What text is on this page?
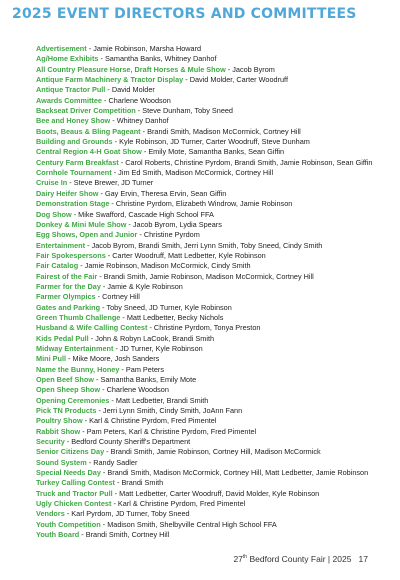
2025 EVENT DIRECTORS AND COMMITTEES
Advertisement - Jamie Robinson, Marsha Howard
Ag/Home Exhibits - Samantha Banks, Whitney Danhof
All Country Pleasure Horse, Draft Horses & Mule Show - Jacob Byrom
Antique Farm Machinery & Tractor Display - David Molder, Carter Woodruff
Antique Tractor Pull - David Molder
Awards Committee - Charlene Woodson
Backseat Driver Competition - Steve Dunham, Toby Sneed
Bee and Honey Show - Whitney Danhof
Boots, Beaus & Bling Pageant - Brandi Smith, Madison McCormick, Cortney Hill
Building and Grounds - Kyle Robinson, JD Turner, Carter Woodruff, Steve Dunham
Central Region 4-H Goat Show - Emily Mote, Samantha Banks, Sean Giffin
Century Farm Breakfast - Carol Roberts, Christine Pyrdom, Brandi Smith, Jamie Robinson, Sean Giffin
Cornhole Tournament - Jim Ed Smith, Madison McCormick, Cortney Hill
Cruise In - Steve Brewer, JD Turner
Dairy Heifer Show - Gay Ervin, Theresa Ervin, Sean Giffin
Demonstration Stage - Christine Pyrdom, Elizabeth Windrow, Jamie Robinson
Dog Show - Mike Swafford, Cascade High School FFA
Donkey & Mini Mule Show - Jacob Byrom, Lydia Spears
Egg Shows, Open and Junior - Christine Pyrdom
Entertainment - Jacob Byrom, Brandi Smith, Jerri Lynn Smith, Toby Sneed, Cindy Smith
Fair Spokespersons - Carter Woodruff, Matt Ledbetter, Kyle Robinson
Fair Catalog - Jamie Robinson, Madison McCormick, Cindy Smith
Fairest of the Fair - Brandi Smith, Jamie Robinson, Madison McCormick, Cortney Hill
Farmer for the Day - Jamie & Kyle Robinson
Farmer Olympics - Cortney Hill
Gates and Parking - Toby Sneed, JD Turner, Kyle Robinson
Green Thumb Challenge - Matt Ledbetter, Becky Nichols
Husband & Wife Calling Contest - Christine Pyrdom, Tonya Preston
Kids Pedal Pull - John & Robyn LaCook, Brandi Smith
Midway Entertainment - JD Turner, Kyle Robinson
Mini Pull - Mike Moore, Josh Sanders
Name the Bunny, Honey - Pam Peters
Open Beef Show - Samantha Banks, Emily Mote
Open Sheep Show - Charlene Woodson
Opening Ceremonies - Matt Ledbetter, Brandi Smith
Pick TN Products - Jerri Lynn Smith, Cindy Smith, JoAnn Fann
Poultry Show - Karl & Christine Pyrdom, Fred Pimentel
Rabbit Show - Pam Peters, Karl & Christine Pyrdom, Fred Pimentel
Security - Bedford County Sheriff's Department
Senior Citizens Day - Brandi Smith, Jamie Robinson, Cortney Hill, Madison McCormick
Sound System - Randy Sadler
Special Needs Day - Brandi Smith, Madison McCormick, Cortney Hill, Matt Ledbetter, Jamie Robinson
Turkey Calling Contest - Brandi Smith
Truck and Tractor Pull - Matt Ledbetter, Carter Woodruff, David Molder, Kyle Robinson
Ugly Chicken Contest - Karl & Christine Pyrdom, Fred Pimentel
Vendors - Karl Pyrdom, JD Turner, Toby Sneed
Youth Competition - Madison Smith, Shelbyville Central High School FFA
Youth Board - Brandi Smith, Cortney Hill
27th Bedford County Fair | 2025 17
